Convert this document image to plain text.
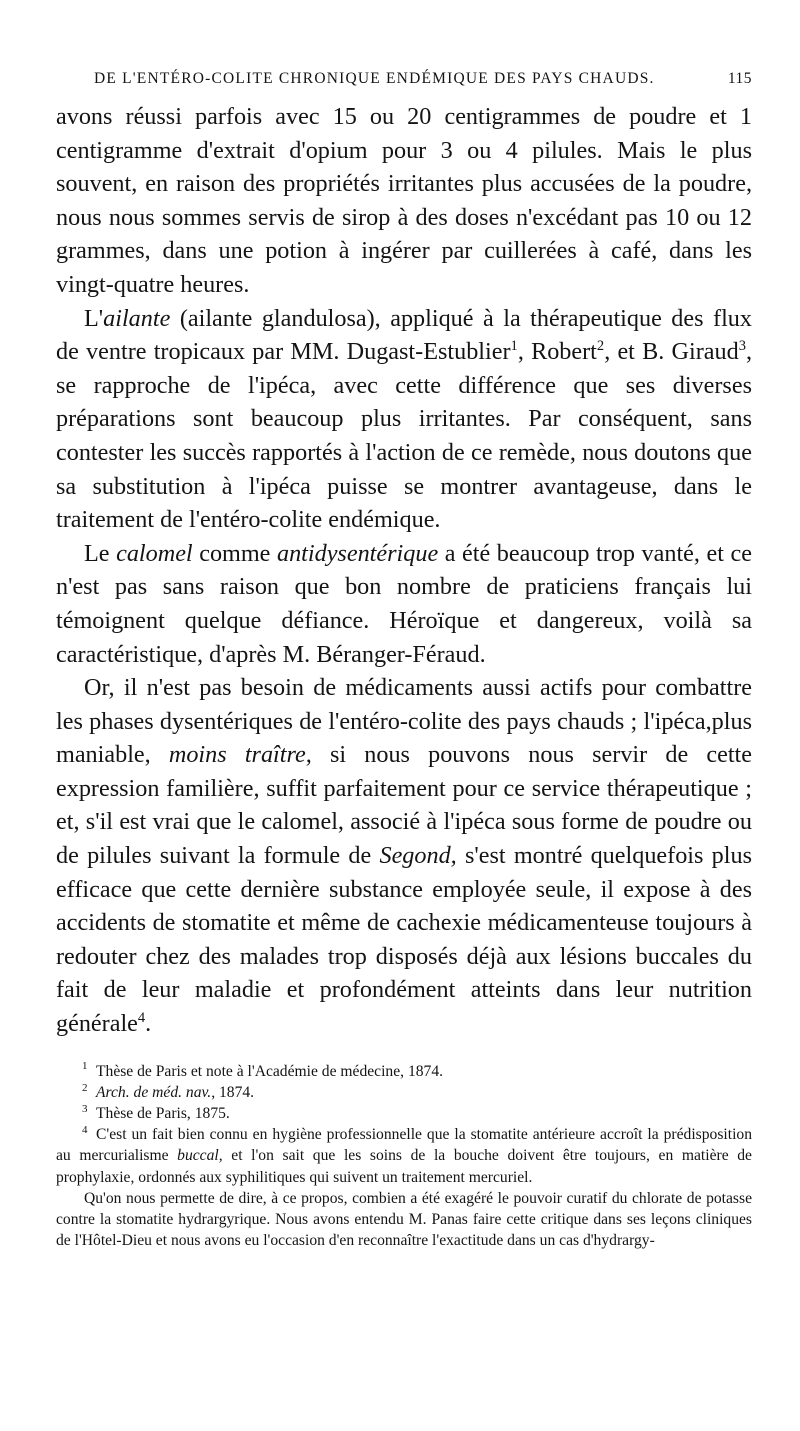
DE L'ENTÉRO-COLITE CHRONIQUE ENDÉMIQUE DES PAYS CHAUDS.	115

avons réussi parfois avec 15 ou 20 centigrammes de poudre et 1 centigramme d'extrait d'opium pour 3 ou 4 pilules. Mais le plus souvent, en raison des propriétés irritantes plus accusées de la poudre, nous nous sommes servis de sirop à des doses n'excédant pas 10 ou 12 grammes, dans une potion à ingérer par cuillerées à café, dans les vingt-quatre heures.

L'ailante (ailante glandulosa), appliqué à la thérapeutique des flux de ventre tropicaux par MM. Dugast-Estublier$^1$, Robert$^2$, et B. Giraud$^3$, se rapproche de l'ipéca, avec cette différence que ses diverses préparations sont beaucoup plus irritantes. Par conséquent, sans contester les succès rapportés à l'action de ce remède, nous doutons que sa substitution à l'ipéca puisse se montrer avantageuse, dans le traitement de l'entéro-colite endémique.

Le calomel comme antidysentérique a été beaucoup trop vanté, et ce n'est pas sans raison que bon nombre de praticiens français lui témoignent quelque défiance. Héroïque et dangereux, voilà sa caractéristique, d'après M. Béranger-Féraud.

Or, il n'est pas besoin de médicaments aussi actifs pour combattre les phases dysentériques de l'entéro-colite des pays chauds ; l'ipéca,plus maniable, moins traître, si nous pouvons nous servir de cette expression familière, suffit parfaitement pour ce service thérapeutique ; et, s'il est vrai que le calomel, associé à l'ipéca sous forme de poudre ou de pilules suivant la formule de Segond, s'est montré quelquefois plus efficace que cette dernière substance employée seule, il expose à des accidents de stomatite et même de cachexie médicamenteuse toujours à redouter chez des malades trop disposés déjà aux lésions buccales du fait de leur maladie et profondément atteints dans leur nutrition générale$^4$.

1 Thèse de Paris et note à l'Académie de médecine, 1874.

2 Arch. de méd. nav., 1874.

3 Thèse de Paris, 1875.

4 C'est un fait bien connu en hygiène professionnelle que la stomatite antérieure accroît la prédisposition au mercurialisme buccal, et l'on sait que les soins de la bouche doivent être toujours, en matière de prophylaxie, ordonnés aux syphilitiques qui suivent un traitement mercuriel.

Qu'on nous permette de dire, à ce propos, combien a été exagéré le pouvoir curatif du chlorate de potasse contre la stomatite hydrargyrique. Nous avons entendu M. Panas faire cette critique dans ses leçons cliniques de l'Hôtel-Dieu et nous avons eu l'occasion d'en reconnaître l'exactitude dans un cas d'hydrargy-
